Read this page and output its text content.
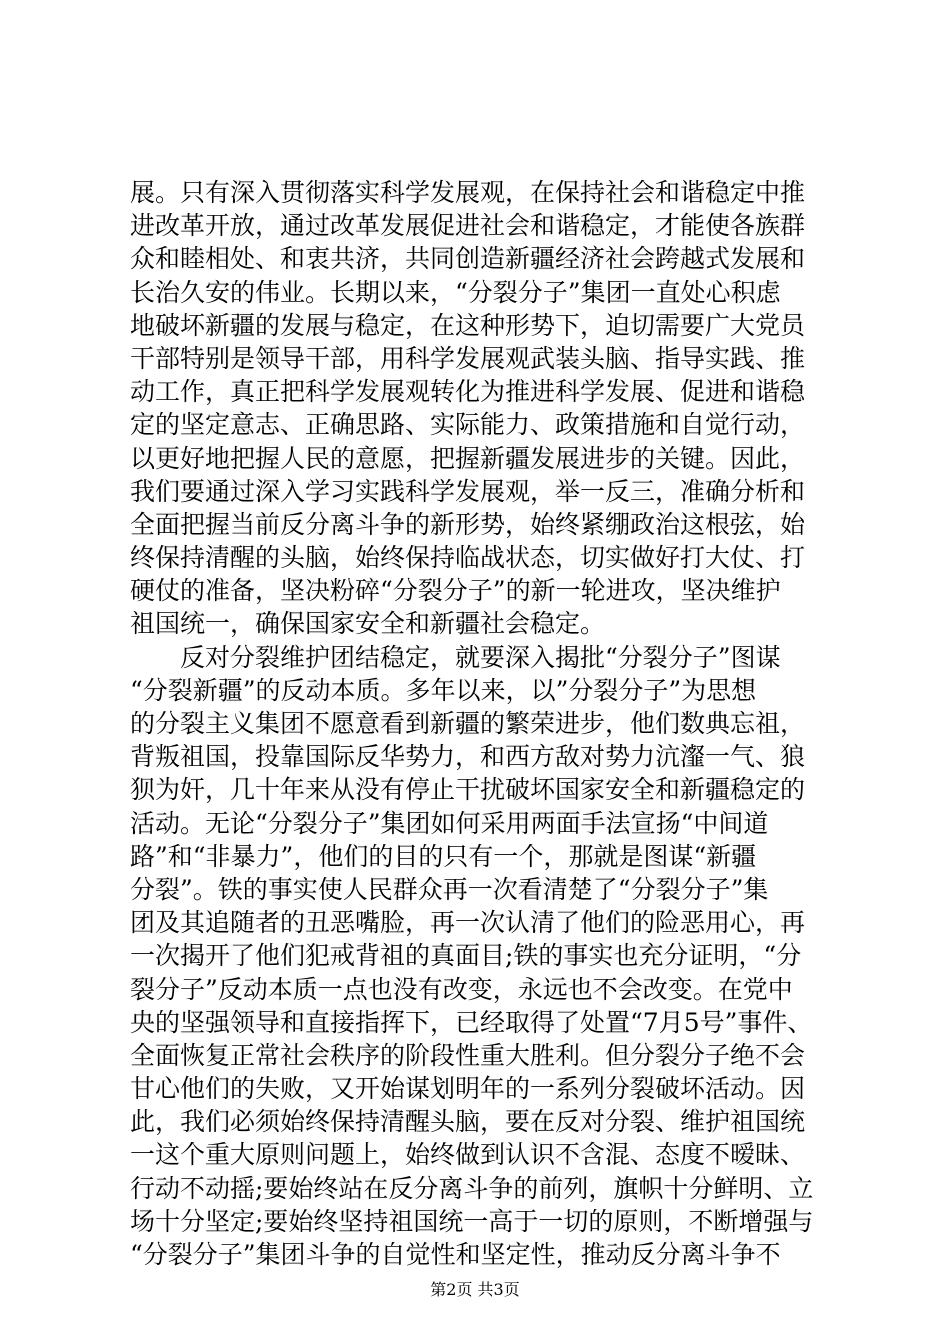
展。只有深入贯彻落实科学发展观，在保持社会和谐稳定中推
进改革开放，通过改革发展促进社会和谐稳定，才能使各族群
众和睦相处、和衷共济，共同创造新疆经济社会跨越式发展和
长治久安的伟业。长期以来，“分裂分子”集团一直处心积虑
地破坏新疆的发展与稳定，在这种形势下，迫切需要广大党员
干部特别是领导干部，用科学发展观武装头脑、指导实践、推
动工作，真正把科学发展观转化为推进科学发展、促进和谐稳
定的坚定意志、正确思路、实际能力、政策措施和自觉行动，
以更好地把握人民的意愿，把握新疆发展进步的关键。因此，
我们要通过深入学习实践科学发展观，举一反三，准确分析和
全面把握当前反分离斗争的新形势，始终紧绷政治这根弦，始
终保持清醒的头脑，始终保持临战状态，切实做好打大仗、打
硬仗的准备，坚决粉碎“分裂分子”的新一轮进攻，坚决维护
祖国统一，确保国家安全和新疆社会稳定。
　　反对分裂维护团结稳定，就要深入揭批“分裂分子”图谋
“分裂新疆”的反动本质。多年以来，以”分裂分子”为思想
的分裂主义集团不愿意看到新疆的繁荣进步，他们数典忘祖，
背叛祖国，投靠国际反华势力，和西方敌对势力沆瀣一气、狼
狈为奸，几十年来从没有停止干扰破坏国家安全和新疆稳定的
活动。无论“分裂分子”集团如何采用两面手法宣扬“中间道
路”和“非暴力”，他们的目的只有一个，那就是图谋“新疆
分裂”。铁的事实使人民群众再一次看清楚了“分裂分子”集
团及其追随者的丑恶嘴脸，再一次认清了他们的险恶用心，再
一次揭开了他们犯戒背祖的真面目;铁的事实也充分证明，“分
裂分子”反动本质一点也没有改变，永远也不会改变。在党中
央的坚强领导和直接指挥下，已经取得了处置“7月5号”事件、
全面恢复正常社会秩序的阶段性重大胜利。但分裂分子绝不会
甘心他们的失败，又开始谋划明年的一系列分裂破坏活动。因
此，我们必须始终保持清醒头脑，要在反对分裂、维护祖国统
一这个重大原则问题上，始终做到认识不含混、态度不暧昧、
行动不动摇;要始终站在反分离斗争的前列，旗帜十分鲜明、立
场十分坚定;要始终坚持祖国统一高于一切的原则，不断增强与
“分裂分子”集团斗争的自觉性和坚定性，推动反分离斗争不
第2页 共3页
